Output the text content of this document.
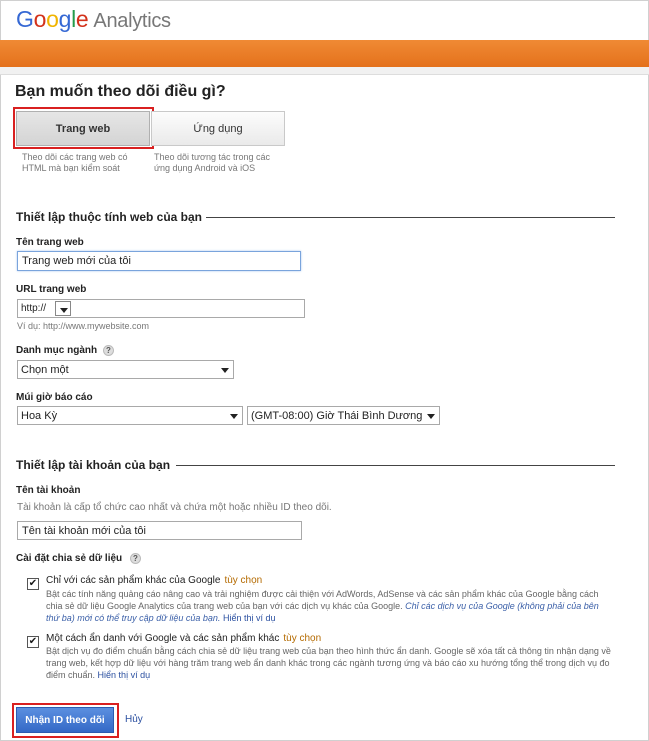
Google Analytics
Bạn muốn theo dõi điều gì?
Trang web	Ứng dụng
Theo dõi các trang web có HTML mà bạn kiểm soát
Theo dõi tương tác trong các ứng dụng Android và iOS
Thiết lập thuộc tính web của bạn
Tên trang web
Trang web mới của tôi
URL trang web
http://
Ví dụ: http://www.mywebsite.com
Danh mục ngành	?
Chọn một
Múi giờ báo cáo
Hoa Kỳ	(GMT-08:00) Giờ Thái Bình Dương
Thiết lập tài khoản của bạn
Tên tài khoản
Tài khoản là cấp tổ chức cao nhất và chứa một hoặc nhiều ID theo dõi.
Tên tài khoản mới của tôi
Cài đặt chia sẻ dữ liệu	?
✔ Chỉ với các sản phẩm khác của Google tùy chọn
Bật các tính năng quảng cáo nâng cao và trải nghiệm được cải thiện với AdWords, AdSense và các sản phẩm khác của Google bằng cách chia sẻ dữ liệu Google Analytics của trang web của bạn với các dịch vụ khác của Google. Chỉ các dịch vụ của Google (không phải của bên thứ ba) mới có thể truy cập dữ liệu của bạn. Hiển thị ví dụ
✔ Một cách ẩn danh với Google và các sản phẩm khác tùy chọn
Bật dịch vụ đo điểm chuẩn bằng cách chia sẻ dữ liệu trang web của bạn theo hình thức ẩn danh. Google sẽ xóa tất cả thông tin nhận dạng về trang web, kết hợp dữ liệu với hàng trăm trang web ẩn danh khác trong các ngành tương ứng và báo cáo xu hướng tổng thể trong dịch vụ đo điểm chuẩn. Hiển thị ví dụ
Nhận ID theo dõi	Hủy
